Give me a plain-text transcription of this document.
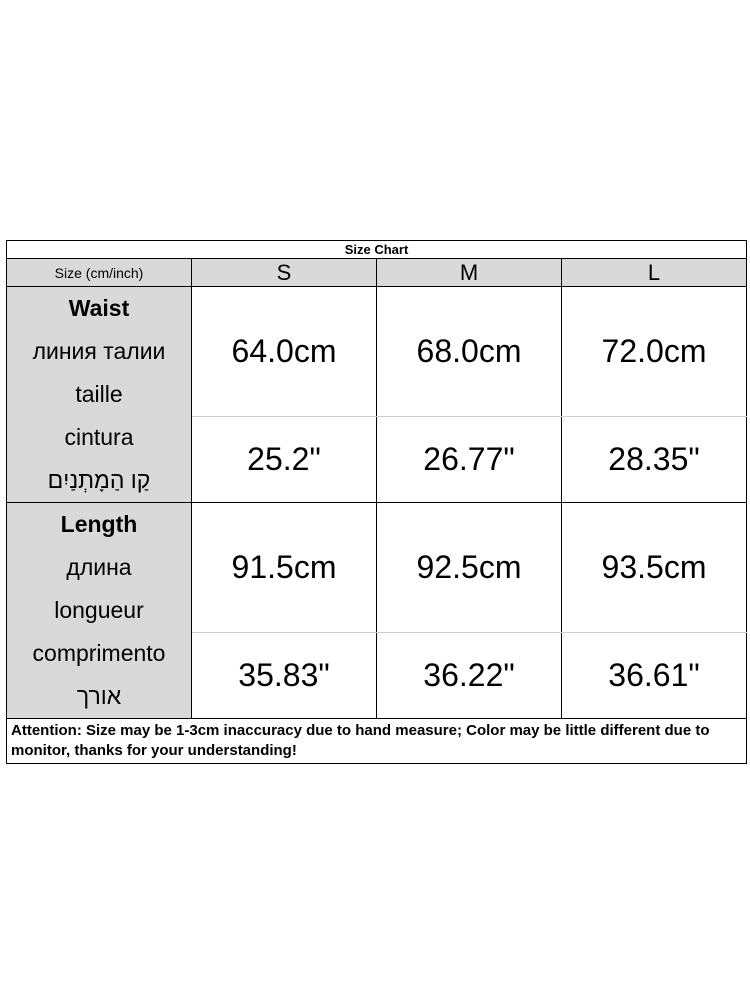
Size Chart			
Size (cm/inch)	S	M	L

Waist
линия талии
taille
cintura
קַו הַמָתְנַיִם	64.0cm	68.0cm	72.0cm
	25.2"	26.77"	28.35"

Length
длина
longueur
comprimento
אורך	91.5cm	92.5cm	93.5cm
	35.83"	36.22"	36.61"
Attention: Size may be 1-3cm inaccuracy due to hand measure; Color may be little different due to monitor, thanks for your understanding!			
